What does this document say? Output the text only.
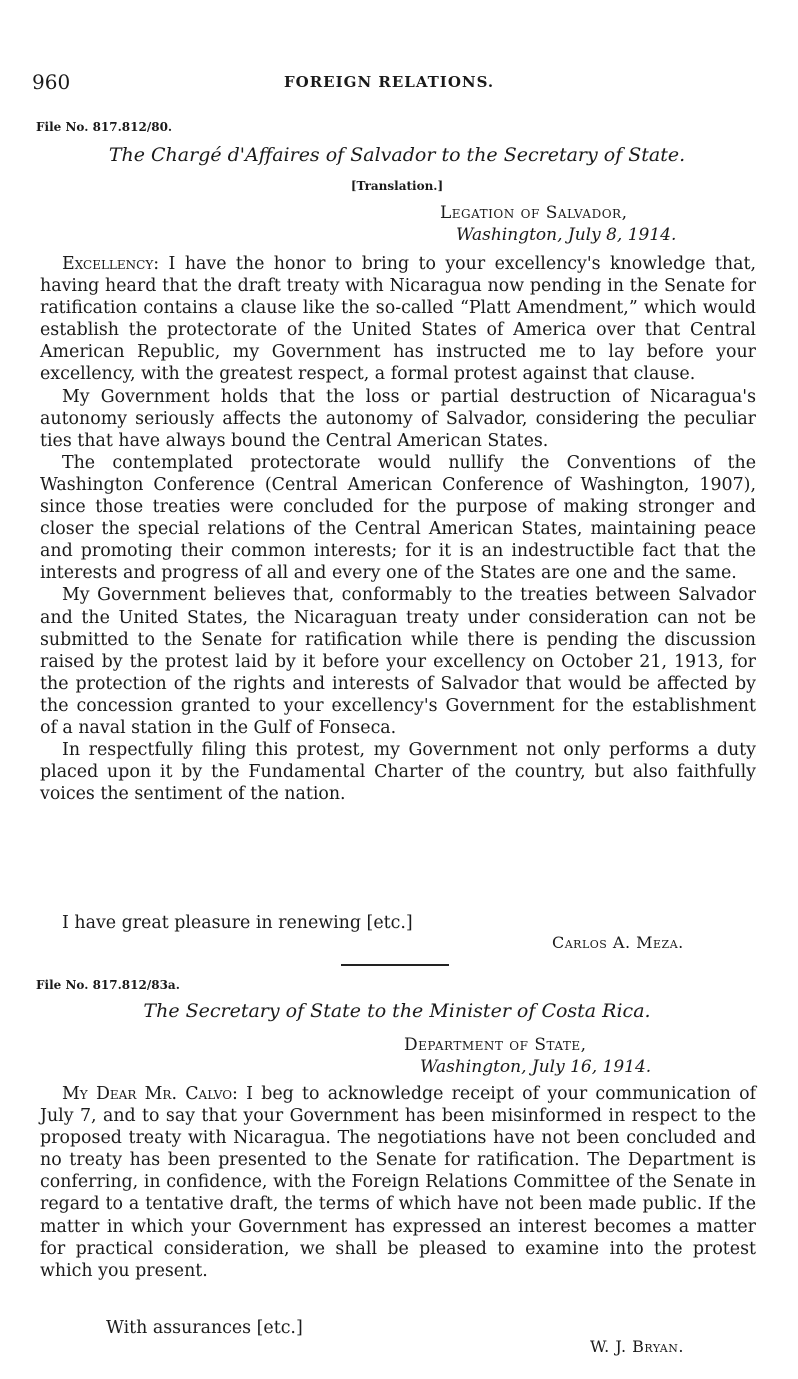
960	FOREIGN RELATIONS.
File No. 817.812/80.
The Chargé d'Affaires of Salvador to the Secretary of State.
[Translation.]
Legation of Salvador,
Washington, July 8, 1914.

Excellency: I have the honor to bring to your excellency's knowledge that, having heard that the draft treaty with Nicaragua now pending in the Senate for ratification contains a clause like the so-called “Platt Amendment,” which would establish the protectorate of the United States of America over that Central American Republic, my Government has instructed me to lay before your excellency, with the greatest respect, a formal protest against that clause.

My Government holds that the loss or partial destruction of Nicaragua's autonomy seriously affects the autonomy of Salvador, considering the peculiar ties that have always bound the Central American States.

The contemplated protectorate would nullify the Conventions of the Washington Conference (Central American Conference of Washington, 1907), since those treaties were concluded for the purpose of making stronger and closer the special relations of the Central American States, maintaining peace and promoting their common interests; for it is an indestructible fact that the interests and progress of all and every one of the States are one and the same.

My Government believes that, conformably to the treaties between Salvador and the United States, the Nicaraguan treaty under consideration can not be submitted to the Senate for ratification while there is pending the discussion raised by the protest laid by it before your excellency on October 21, 1913, for the protection of the rights and interests of Salvador that would be affected by the concession granted to your excellency's Government for the establishment of a naval station in the Gulf of Fonseca.

In respectfully filing this protest, my Government not only performs a duty placed upon it by the Fundamental Charter of the country, but also faithfully voices the sentiment of the nation.

I have great pleasure in renewing [etc.]
Carlos A. Meza.
File No. 817.812/83a.
The Secretary of State to the Minister of Costa Rica.
Department of State,
Washington, July 16, 1914.

My Dear Mr. Calvo: I beg to acknowledge receipt of your communication of July 7, and to say that your Government has been misinformed in respect to the proposed treaty with Nicaragua. The negotiations have not been concluded and no treaty has been presented to the Senate for ratification. The Department is conferring, in confidence, with the Foreign Relations Committee of the Senate in regard to a tentative draft, the terms of which have not been made public. If the matter in which your Government has expressed an interest becomes a matter for practical consideration, we shall be pleased to examine into the protest which you present.

With assurances [etc.]
W. J. Bryan.
